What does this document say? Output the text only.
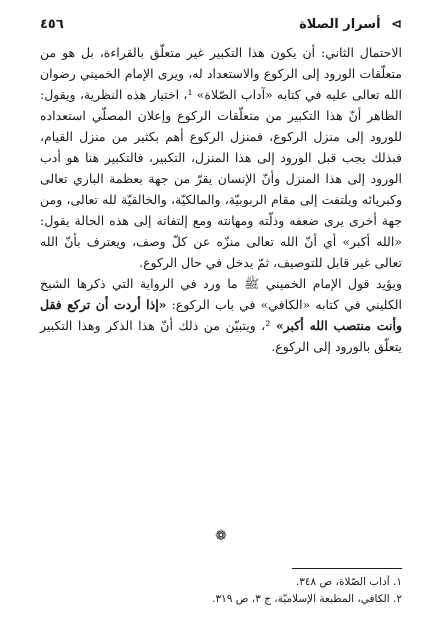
⊳ أسرار الصلاة
٤٥٦

الاحتمال الثاني: أن يكون هذا التكبير غير متعلّق بالقراءة، بل هو من متعلّقات الورود إلى الركوع والاستعداد له، ويرى الإمام الخميني رضوان الله تعالى عليه في كتابه «آداب الصّلاة» ¹، اختيار هذه النظرية، ويقول: الظاهر أنّ هذا التكبير من متعلّقات الركوع وإعلان المصلّي استعداده للورود إلى منزل الركوع، فمنزل الركوع أهم بكثير من منزل القيام، فبذلك يجب قبل الورود إلى هذا المنزل، التكبير، فالتكبير هنا هو أدب الورود إلى هذا المنزل وأنّ الإنسان يقرّ من جهة بعظمة الباري تعالى وكبريائه ويلتفت إلى مقام الربوبيّة، والمالكيّة، والخالقيّة لله تعالى، ومن جهة أخرى يرى ضعفه وذلّته ومهانته ومع إلتفاته إلى هذه الحالة يقول: «الله أكبر» أي أنّ الله تعالى منزّه عن كلّ وصف، ويعترف بأنّ الله تعالى غير قابل للتوصيف، ثمّ يدخل في حال الركوع.

ويؤيد قول الإمام الخميني ﷺ ما ورد في الرواية التي ذكرها الشيخ الكليني في كتابه «الكافي» في باب الركوع: «إذا أردت أن تركع فقل وأنت منتصب الله أكبر» ²، ويتبيّن من ذلك أنّ هذا الذكر وهذا التكبير يتعلّق بالورود إلى الركوع.

❁
١. آداب الصّلاة، ص ٣٤٨.
٢. الكافي، المطبعة الإسلاميّة، ج ٣، ص ٣١٩.
